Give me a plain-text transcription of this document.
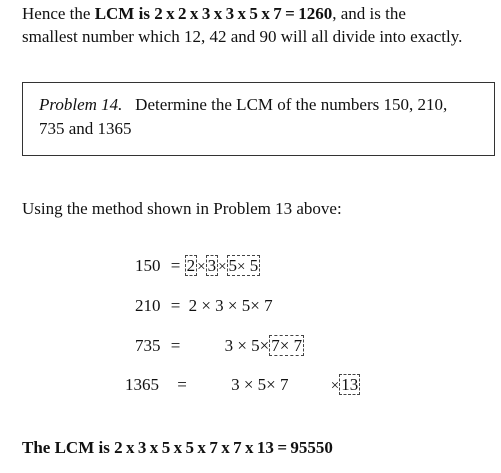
Hence the LCM is 2 x 2 x 3 x 3 x 5 x 7 = 1260, and is the
smallest number which 12, 42 and 90 will all divide into exactly.
Problem 14. Determine the LCM of the numbers 150, 210,
735 and 1365
Using the method shown in Problem 13 above:
150 = 2 × 3 × 5× 5
210 = 2 × 3 × 5× 7
735 =	3 × 5× 7× 7
1365 =	3 × 5× 7	× 13
The LCM is 2 x 3 x 5 x 5 x 7 x 7 x 13 = 95550
